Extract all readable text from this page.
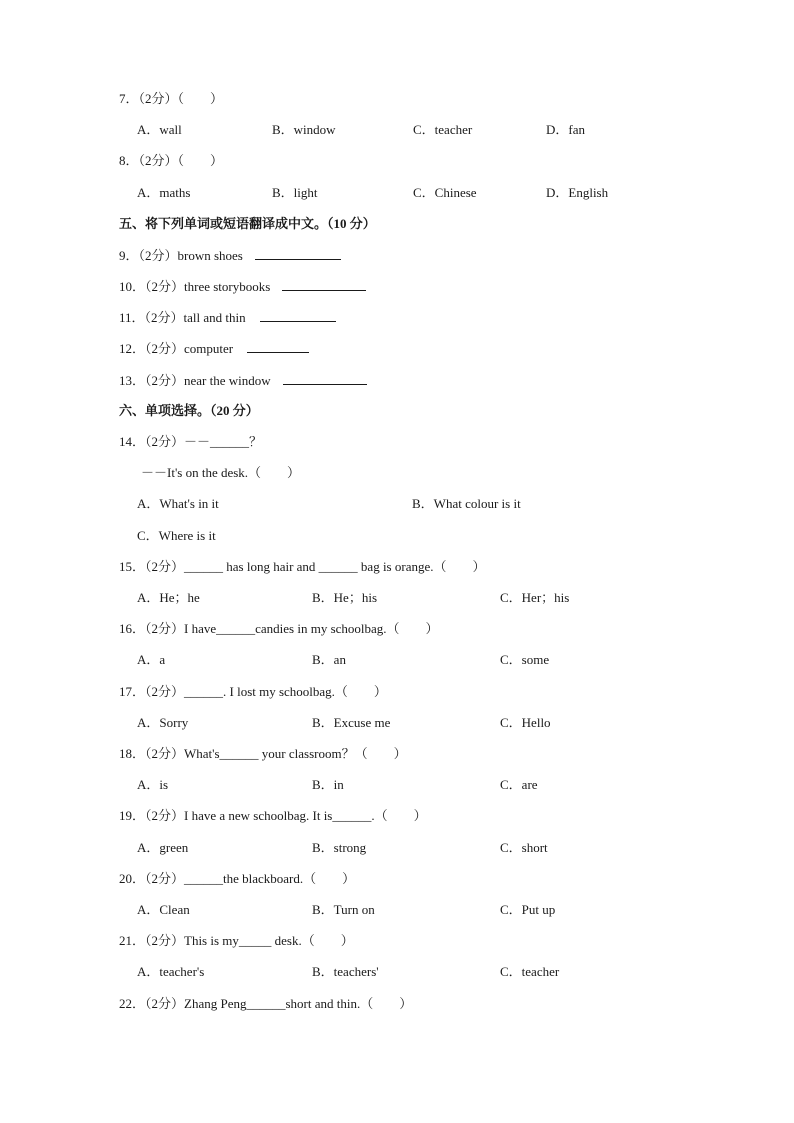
7．（2分）（　　）
A．wall	B．window	C．teacher	D．fan
8．（2分）（　　）
A．maths	B．light	C．Chinese	D．English
五、将下列单词或短语翻译成中文。（10 分）
9．（2分）brown shoes
10．（2分）three storybooks
11．（2分）tall and thin
12．（2分）computer
13．（2分）near the window
六、单项选择。（20 分）
14．（2分）－－______？
－－It's on the desk.（　　）
A．What's in it	B．What colour is it
C．Where is it
15．（2分）______ has long hair and ______ bag is orange.（　　）
A．He；he	B．He；his	C．Her；his
16．（2分）I have______candies in my schoolbag.（　　）
A．a	B．an	C．some
17．（2分）______. I lost my schoolbag.（　　）
A．Sorry	B．Excuse me	C．Hello
18．（2分）What's______ your classroom？（　　）
A．is	B．in	C．are
19．（2分）I have a new schoolbag. It is______.（　　）
A．green	B．strong	C．short
20．（2分）______the blackboard.（　　）
A．Clean	B．Turn on	C．Put up
21．（2分）This is my_____ desk.（　　）
A．teacher's	B．teachers'	C．teacher
22．（2分）Zhang Peng______short and thin.（　　）
